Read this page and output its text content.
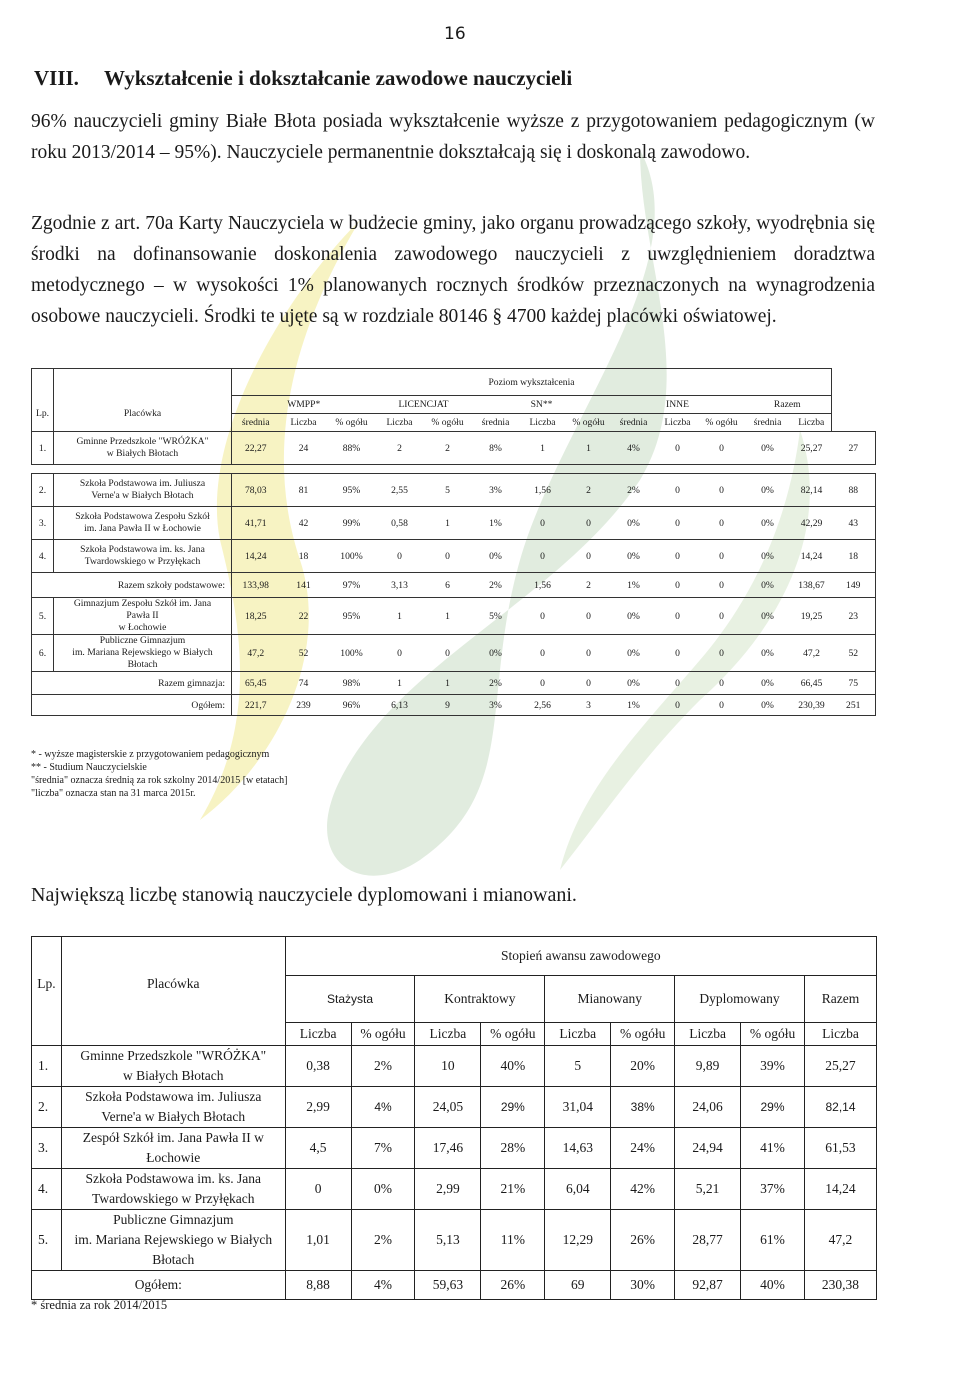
16
VIII. Wykształcenie i dokształcanie zawodowe nauczycieli
96% nauczycieli gminy Białe Błota posiada wykształcenie wyższe z przygotowaniem pedagogicznym (w roku 2013/2014 – 95%). Nauczyciele permanentnie dokształcają się i doskonalą zawodowo.
Zgodnie z art. 70a Karty Nauczyciela w budżecie gminy, jako organu prowadzącego szkoły, wyodrębnia się środki na dofinansowanie doskonalenia zawodowego nauczycieli z uwzględnieniem doradztwa metodycznego – w wysokości 1% planowanych rocznych środków przeznaczonych na wynagrodzenia osobowe nauczycieli. Środki te ujęte są w rozdziale 80146 § 4700 każdej placówki oświatowej.
		Poziom wykształcenia													
Lp.	Placówka	WMPP*			LICENCJAT		SN**			INNE			Razem		
		średnia	Liczba	% ogółu	Liczba	% ogółu	średnia	Liczba	% ogółu	średnia	Liczba	% ogółu	średnia	Liczba	
1.	Gminne Przedszkole "WRÓŻKA"
w Białych Błotach	22,27	24	88%	2	2	8%	1	1	4%	0	0	0%	25,27	27

2.	Szkoła Podstawowa im. Juliusza
Verne'a w Białych Błotach	78,03	81	95%	2,55	5	3%	1,56	2	2%	0	0	0%	82,14	88
3.	Szkoła Podstawowa Zespołu Szkół
im. Jana Pawła II w Łochowie	41,71	42	99%	0,58	1	1%	0	0	0%	0	0	0%	42,29	43
4.	Szkoła Podstawowa im. ks. Jana
Twardowskiego w Przyłękach	14,24	18	100%	0	0	0%	0	0	0%	0	0	0%	14,24	18
Razem szkoły podstawowe:		133,98	141	97%	3,13	6	2%	1,56	2	1%	0	0	0%	138,67	149
5.	Gimnazjum Zespołu Szkół im. Jana
Pawła II
w Łochowie	18,25	22	95%	1	1	5%	0	0	0%	0	0	0%	19,25	23
6.	Publiczne Gimnazjum
im. Mariana Rejewskiego w Białych
Błotach	47,2	52	100%	0	0	0%	0	0	0%	0	0	0%	47,2	52
Razem gimnazja:		65,45	74	98%	1	1	2%	0	0	0%	0	0	0%	66,45	75
Ogółem:		221,7	239	96%	6,13	9	3%	2,56	3	1%	0	0	0%	230,39	251
* - wyższe magisterskie z przygotowaniem pedagogicznym
** - Studium Nauczycielskie
"średnia" oznacza średnią za rok szkolny 2014/2015 [w etatach]
"liczba" oznacza stan na 31 marca 2015r.
Największą liczbę stanowią nauczyciele dyplomowani i mianowani.
		Stopień awansu zawodowego								
Lp.	Placówka	Stażysta		Kontraktowy		Mianowany		Dyplomowany		Razem
		Liczba	% ogółu	Liczba	% ogółu	Liczba	% ogółu	Liczba	% ogółu	Liczba
1.	Gminne Przedszkole "WRÓŻKA"
w Białych Błotach	0,38	2%	10	40%	5	20%	9,89	39%	25,27
2.	Szkoła Podstawowa im. Juliusza
Verne'a w Białych Błotach	2,99	4%	24,05	29%	31,04	38%	24,06	29%	82,14
3.	Zespół Szkół im. Jana Pawła II w
Łochowie	4,5	7%	17,46	28%	14,63	24%	24,94	41%	61,53
4.	Szkoła Podstawowa im. ks. Jana
Twardowskiego w Przyłękach	0	0%	2,99	21%	6,04	42%	5,21	37%	14,24
5.	Publiczne Gimnazjum
im. Mariana Rejewskiego w Białych
Błotach	1,01	2%	5,13	11%	12,29	26%	28,77	61%	47,2
Ogółem:		8,88	4%	59,63	26%	69	30%	92,87	40%	230,38
* średnia za rok 2014/2015
